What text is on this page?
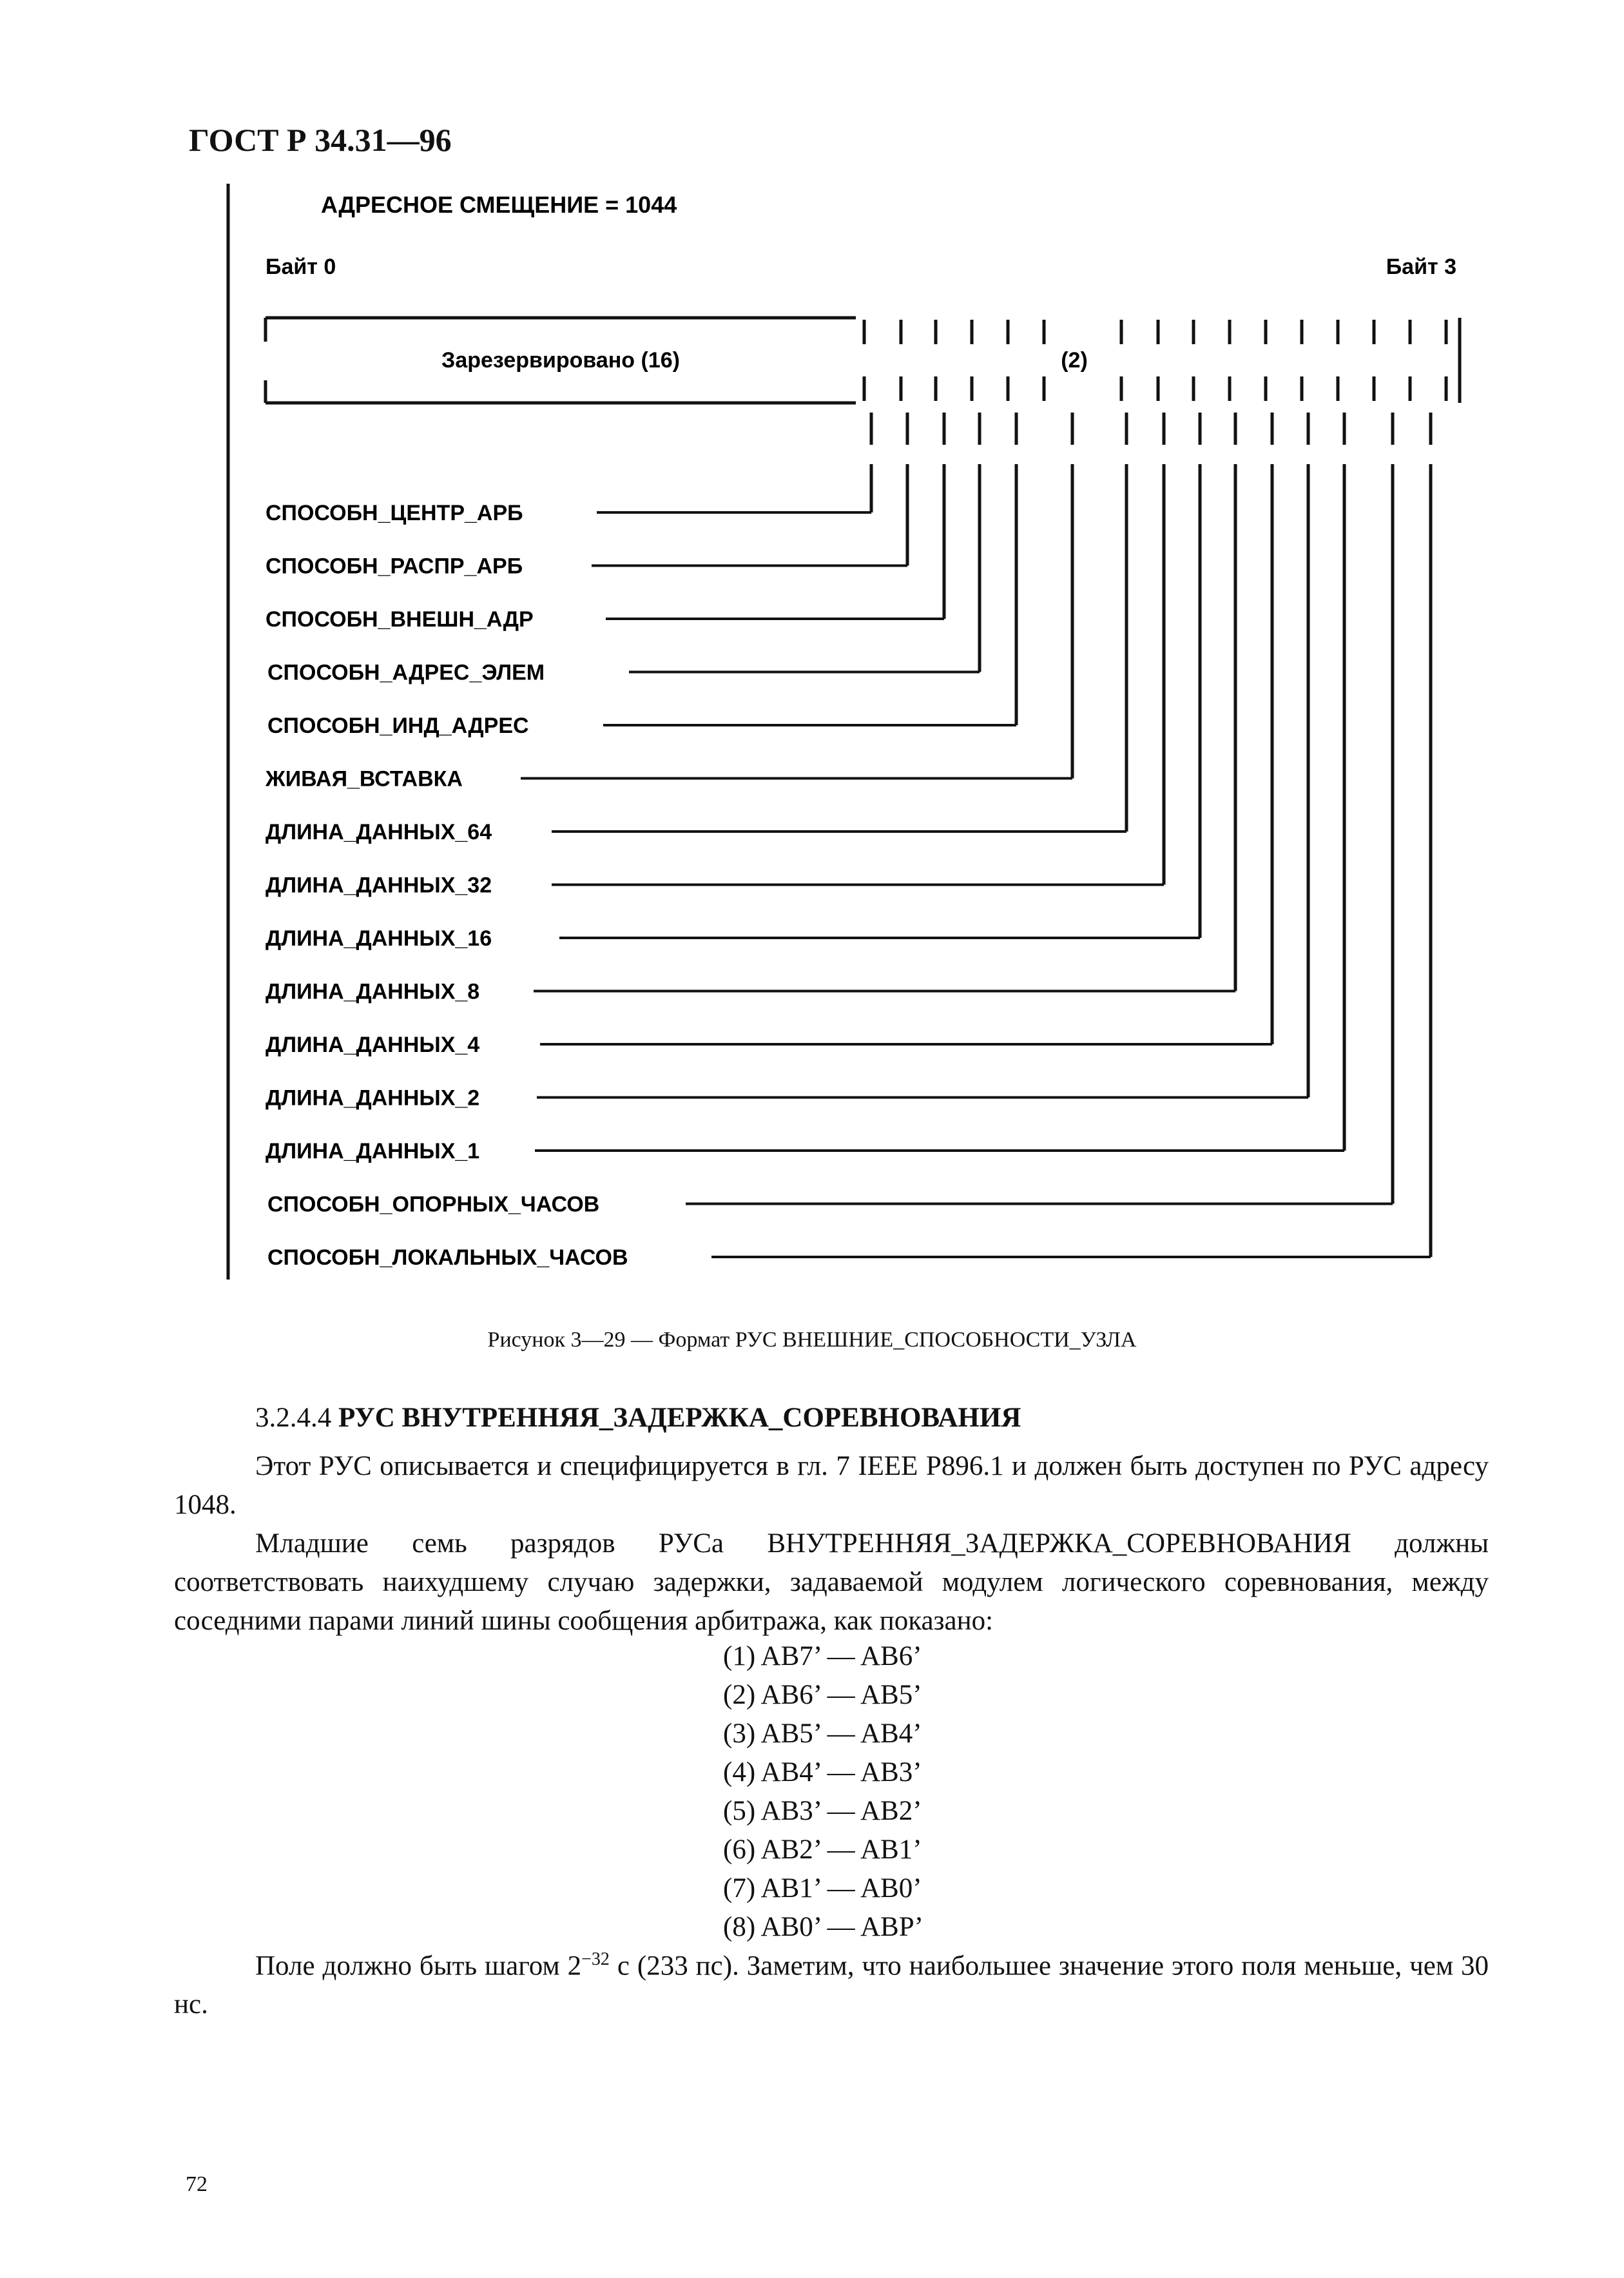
ГОСТ Р 34.31—96
АДРЕСНОЕ СМЕЩЕНИЕ = 1044
Байт 0	Байт 3
Зарезервировано (16)	(2)
СПОСОБН_ЦЕНТР_АРБ
СПОСОБН_РАСПР_АРБ
СПОСОБН_ВНЕШН_АДР
СПОСОБН_АДРЕС_ЭЛЕМ
СПОСОБН_ИНД_АДРЕС
ЖИВАЯ_ВСТАВКА
ДЛИНА_ДАННЫХ_64
ДЛИНА_ДАННЫХ_32
ДЛИНА_ДАННЫХ_16
ДЛИНА_ДАННЫХ_8
ДЛИНА_ДАННЫХ_4
ДЛИНА_ДАННЫХ_2
ДЛИНА_ДАННЫХ_1
СПОСОБН_ОПОРНЫХ_ЧАСОВ
СПОСОБН_ЛОКАЛЬНЫХ_ЧАСОВ
Рисунок 3—29 — Формат РУС ВНЕШНИЕ_СПОСОБНОСТИ_УЗЛА
3.2.4.4 РУС ВНУТРЕННЯЯ_ЗАДЕРЖКА_СОРЕВНОВАНИЯ
Этот РУС описывается и специфицируется в гл. 7 IEEE P896.1 и должен быть доступен по РУС адресу 1048.
Младшие семь разрядов РУСа ВНУТРЕННЯЯ_ЗАДЕРЖКА_СОРЕВНОВАНИЯ должны соответствовать наихудшему случаю задержки, задаваемой модулем логического соревнования, между соседними парами линий шины сообщения арбитража, как показано:
(1) AB7’ — AB6’
(2) AB6’ — AB5’
(3) AB5’ — AB4’
(4) AB4’ — AB3’
(5) AB3’ — AB2’
(6) AB2’ — AB1’
(7) AB1’ — AB0’
(8) AB0’ — ABP’
Поле должно быть шагом $2^{-32}$ с (233 пс). Заметим, что наибольшее значение этого поля меньше, чем 30 нс.
72
